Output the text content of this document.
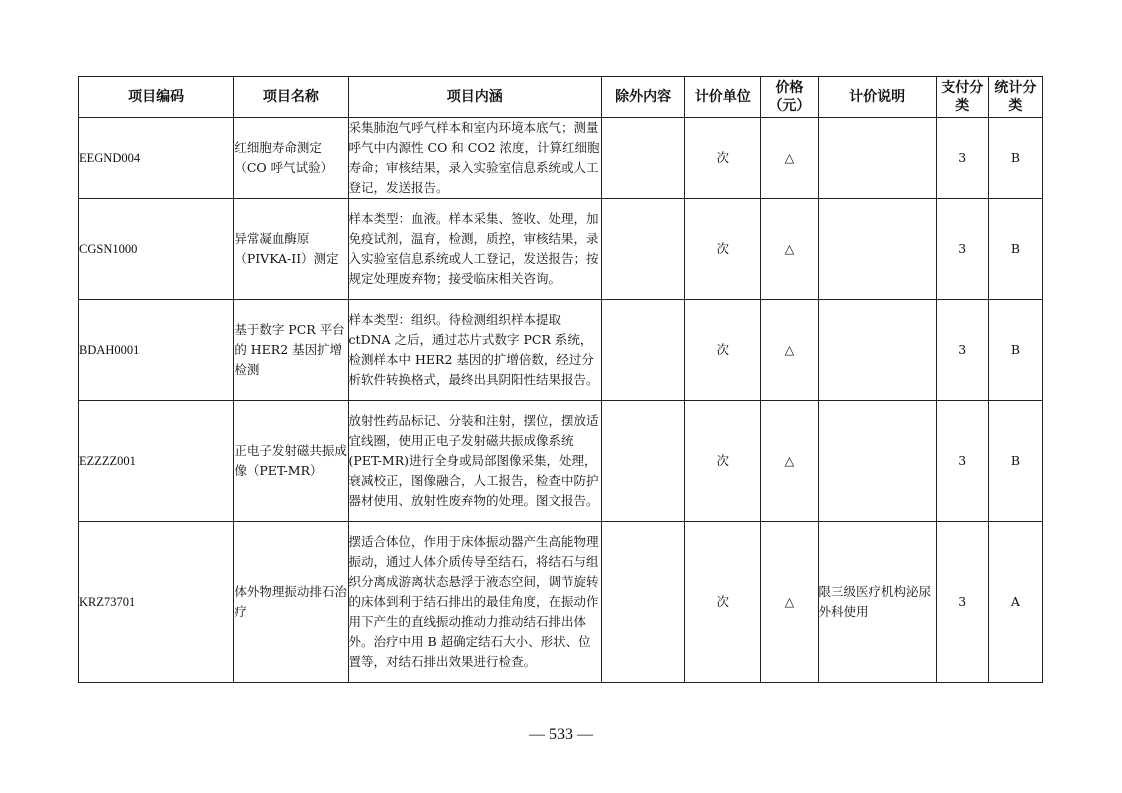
项目编码	项目名称	项目内涵	除外内容	计价单位	价格（元）	计价说明	支付分类	统计分类
EEGND004	红细胞寿命测定（CO 呼气试验）	采集肺泡气呼气样本和室内环境本底气；测量呼气中内源性 CO 和 CO2 浓度，计算红细胞寿命；审核结果，录入实验室信息系统或人工登记，发送报告。		次	△		3	B
CGSN1000	异常凝血酶原（PIVKA-II）测定	样本类型：血液。样本采集、签收、处理，加免疫试剂，温育，检测，质控，审核结果，录入实验室信息系统或人工登记，发送报告；按规定处理废弃物；接受临床相关咨询。		次	△		3	B
BDAH0001	基于数字 PCR 平台的 HER2 基因扩增检测	样本类型：组织。待检测组织样本提取 ctDNA 之后，通过芯片式数字 PCR 系统，检测样本中 HER2 基因的扩增倍数，经过分析软件转换格式，最终出具阴阳性结果报告。		次	△		3	B
EZZZZ001	正电子发射磁共振成像（PET-MR）	放射性药品标记、分装和注射，摆位，摆放适宜线圈，使用正电子发射磁共振成像系统(PET-MR)进行全身或局部图像采集，处理，衰减校正，图像融合，人工报告，检查中防护器材使用、放射性废弃物的处理。图文报告。		次	△		3	B
KRZ73701	体外物理振动排石治疗	摆适合体位，作用于床体振动器产生高能物理振动，通过人体介质传导至结石，将结石与组织分离成游离状态悬浮于液态空间，调节旋转的床体到利于结石排出的最佳角度，在振动作用下产生的直线振动推动力推动结石排出体外。治疗中用 B 超确定结石大小、形状、位置等，对结石排出效果进行检查。		次	△	限三级医疗机构泌尿外科使用	3	A
— 533 —
